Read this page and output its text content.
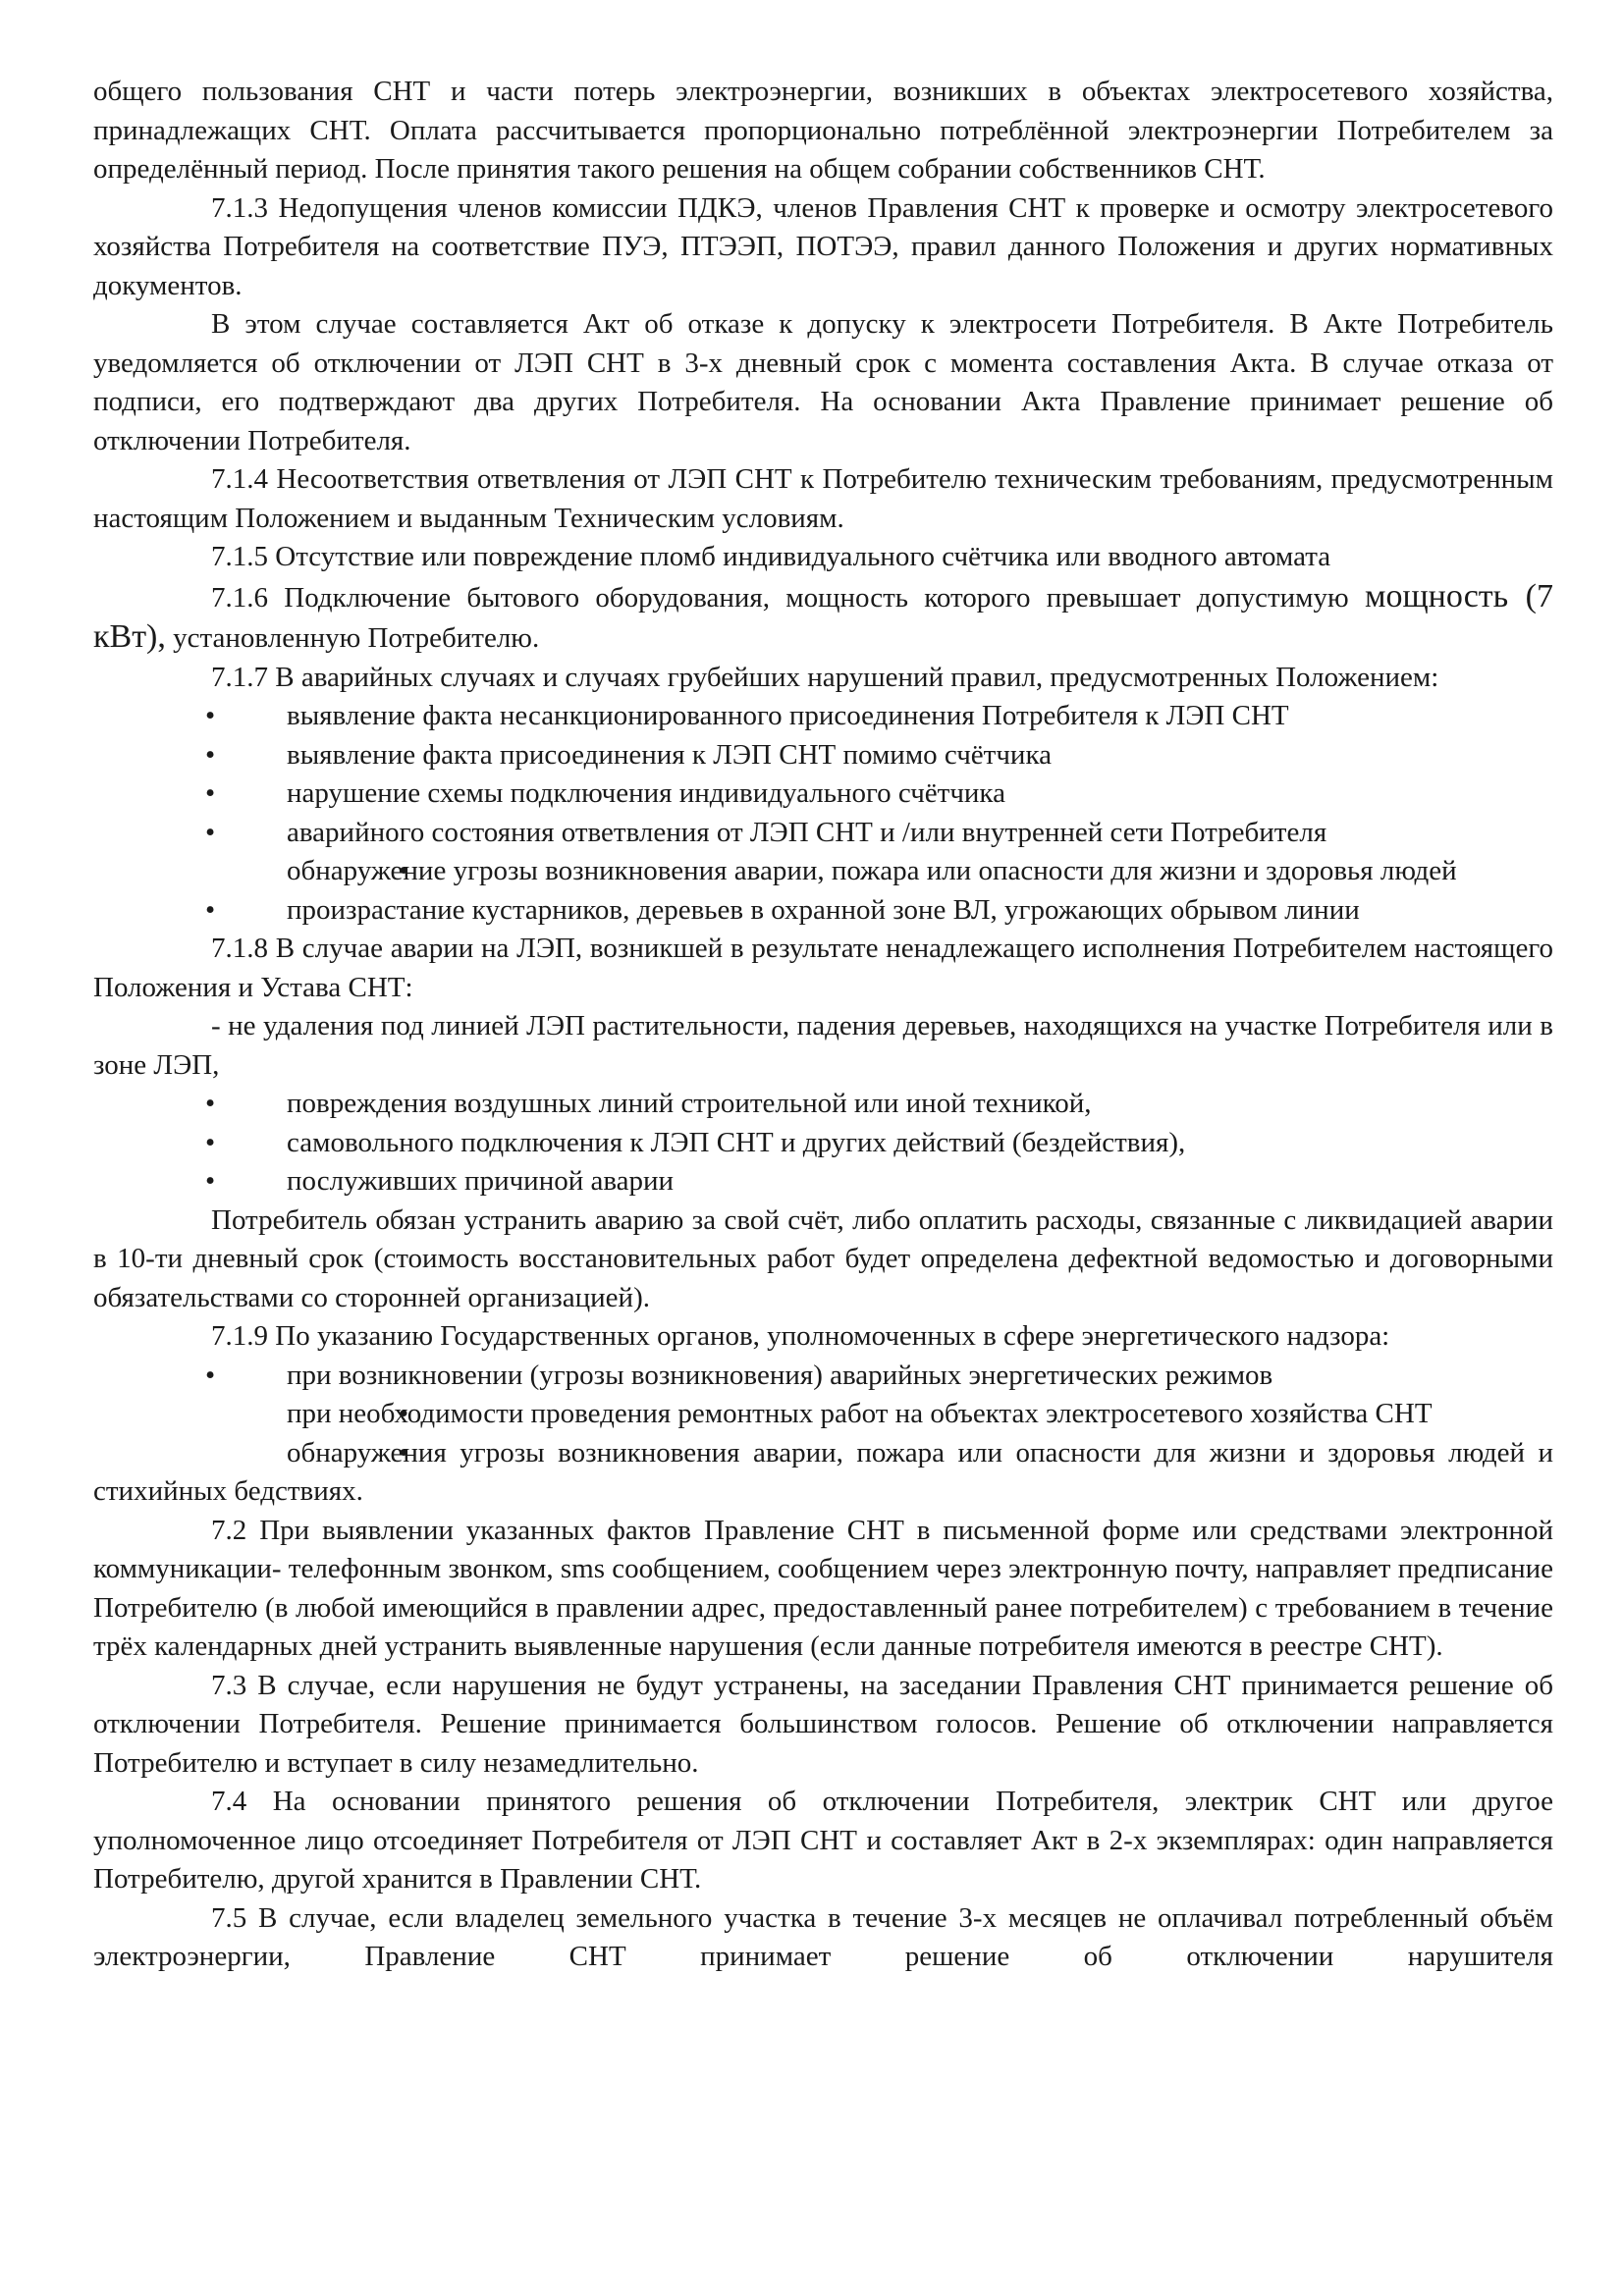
общего пользования СНТ и части потерь электроэнергии, возникших в объектах электросетевого хозяйства, принадлежащих СНТ. Оплата рассчитывается пропорционально потреблённой электроэнергии Потребителем за определённый период. После принятия такого решения на общем собрании собственников СНТ.

7.1.3 Недопущения членов комиссии ПДКЭ, членов Правления СНТ к проверке и осмотру электросетевого хозяйства Потребителя на соответствие ПУЭ, ПТЭЭП, ПОТЭЭ, правил данного Положения и других нормативных документов.

В этом случае составляется Акт об отказе к допуску к электросети Потребителя. В Акте Потребитель уведомляется об отключении от ЛЭП СНТ в 3-х дневный срок с момента составления Акта. В случае отказа от подписи, его подтверждают два других Потребителя. На основании Акта Правление принимает решение об отключении Потребителя.

7.1.4 Несоответствия ответвления от ЛЭП СНТ к Потребителю техническим требованиям, предусмотренным настоящим Положением и выданным Техническим условиям.

7.1.5 Отсутствие или повреждение пломб индивидуального счётчика или вводного автомата

7.1.6 Подключение бытового оборудования, мощность которого превышает допустимую мощность (7 кВт), установленную Потребителю.

7.1.7 В аварийных случаях и случаях грубейших нарушений правил, предусмотренных Положением:

• выявление факта несанкционированного присоединения Потребителя к ЛЭП СНТ

• выявление факта присоединения к ЛЭП СНТ помимо счётчика

• нарушение схемы подключения индивидуального счётчика

• аварийного состояния ответвления от ЛЭП СНТ и /или внутренней сети Потребителя

• обнаружение угрозы возникновения аварии, пожара или опасности для жизни и здоровья людей

• произрастание кустарников, деревьев в охранной зоне ВЛ, угрожающих обрывом линии

7.1.8 В случае аварии на ЛЭП, возникшей в результате ненадлежащего исполнения Потребителем настоящего Положения и Устава СНТ:

- не удаления под линией ЛЭП растительности, падения деревьев, находящихся на участке Потребителя или в зоне ЛЭП,

• повреждения воздушных линий строительной или иной техникой,

• самовольного подключения к ЛЭП СНТ и других действий (бездействия),

• послуживших причиной аварии

Потребитель обязан устранить аварию за свой счёт, либо оплатить расходы, связанные с ликвидацией аварии в 10-ти дневный срок (стоимость восстановительных работ будет определена дефектной ведомостью и договорными обязательствами со сторонней организацией).

7.1.9 По указанию Государственных органов, уполномоченных в сфере энергетического надзора:

• при возникновении (угрозы возникновения) аварийных энергетических режимов

• при необходимости проведения ремонтных работ на объектах электросетевого хозяйства СНТ

• обнаружения угрозы возникновения аварии, пожара или опасности для жизни и здоровья людей и стихийных бедствиях.

7.2 При выявлении указанных фактов Правление СНТ в письменной форме или средствами электронной коммуникации- телефонным звонком, sms сообщением, сообщением через электронную почту, направляет предписание Потребителю (в любой имеющийся в правлении адрес, предоставленный ранее потребителем) с требованием в течение трёх календарных дней устранить выявленные нарушения (если данные потребителя имеются в реестре СНТ).

7.3 В случае, если нарушения не будут устранены, на заседании Правления СНТ принимается решение об отключении Потребителя. Решение принимается большинством голосов. Решение об отключении направляется Потребителю и вступает в силу незамедлительно.

7.4 На основании принятого решения об отключении Потребителя, электрик СНТ или другое уполномоченное лицо отсоединяет Потребителя от ЛЭП СНТ и составляет Акт в 2-х экземплярах: один направляется Потребителю, другой хранится в Правлении СНТ.

7.5 В случае, если владелец земельного участка в течение 3-х месяцев не оплачивал потребленный объём электроэнергии, Правление СНТ принимает решение об отключении нарушителя
